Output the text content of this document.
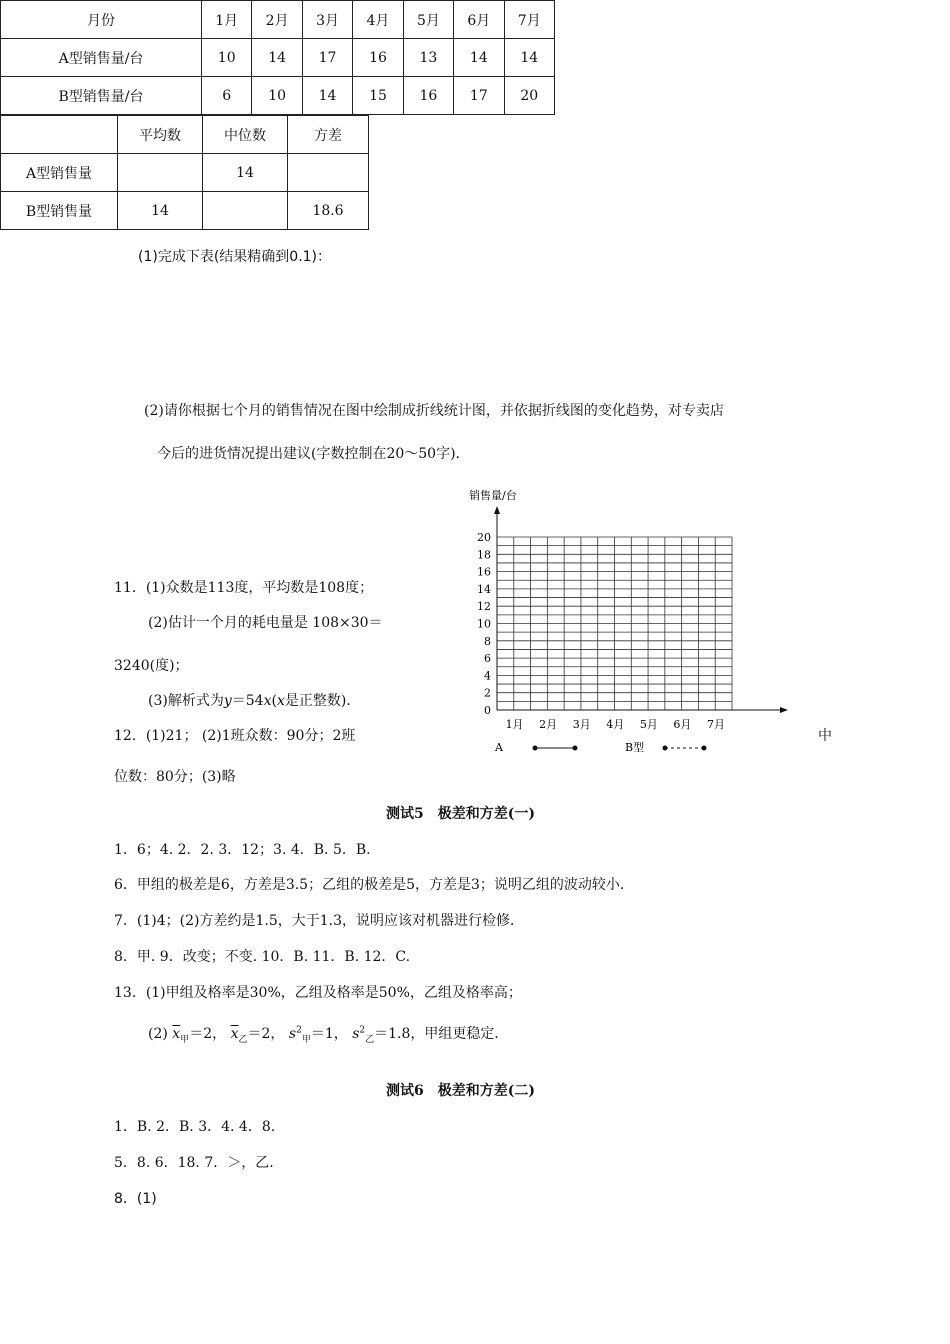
月份	1月	2月	3月	4月	5月	6月	7月
A型销售量/台	10	14	17	16	13	14	14
B型销售量/台	6	10	14	15	16	17	20
(1)完成下表(结果精确到0.1)：
	平均数	中位数	方差
A型销售量		14	
B型销售量	14		18.6
(2)请你根据七个月的销售情况在图中绘制成折线统计图，并依据折线图的变化趋势，对专卖店
今后的进货情况提出建议(字数控制在20～50字)．
销售量/台
0
2
4
6
8
10
12
14
16
18
20
1月 2月 3月 4月 5月 6月 7月
A	B型
11．(1)众数是113度，平均数是108度；
(2)估计一个月的耗电量是 108×30＝
3240(度)；
(3)解析式为y＝54x(x是正整数)．
12．(1)21； (2)1班众数：90分；2班	中
位数：80分；(3)略
测试5　极差和方差(一)
1．6；4. 2．2. 3．12；3. 4．B. 5．B.
6．甲组的极差是6，方差是3.5；乙组的极差是5，方差是3；说明乙组的波动较小．
7．(1)4；(2)方差约是1.5，大于1.3，说明应该对机器进行检修．
8．甲. 9．改变；不变. 10．B. 11．B. 12．C.
13．(1)甲组及格率是30%，乙组及格率是50%，乙组及格率高；
(2) $\overline{x}_甲=2$， $\overline{x}_乙=2$， $s^2_甲=1$， $s^2_乙=1.8$，甲组更稳定．
测试6　极差和方差(二)
1．B. 2．B. 3．4. 4．8.
5．8. 6．18. 7．＞，乙.
8．(1)
